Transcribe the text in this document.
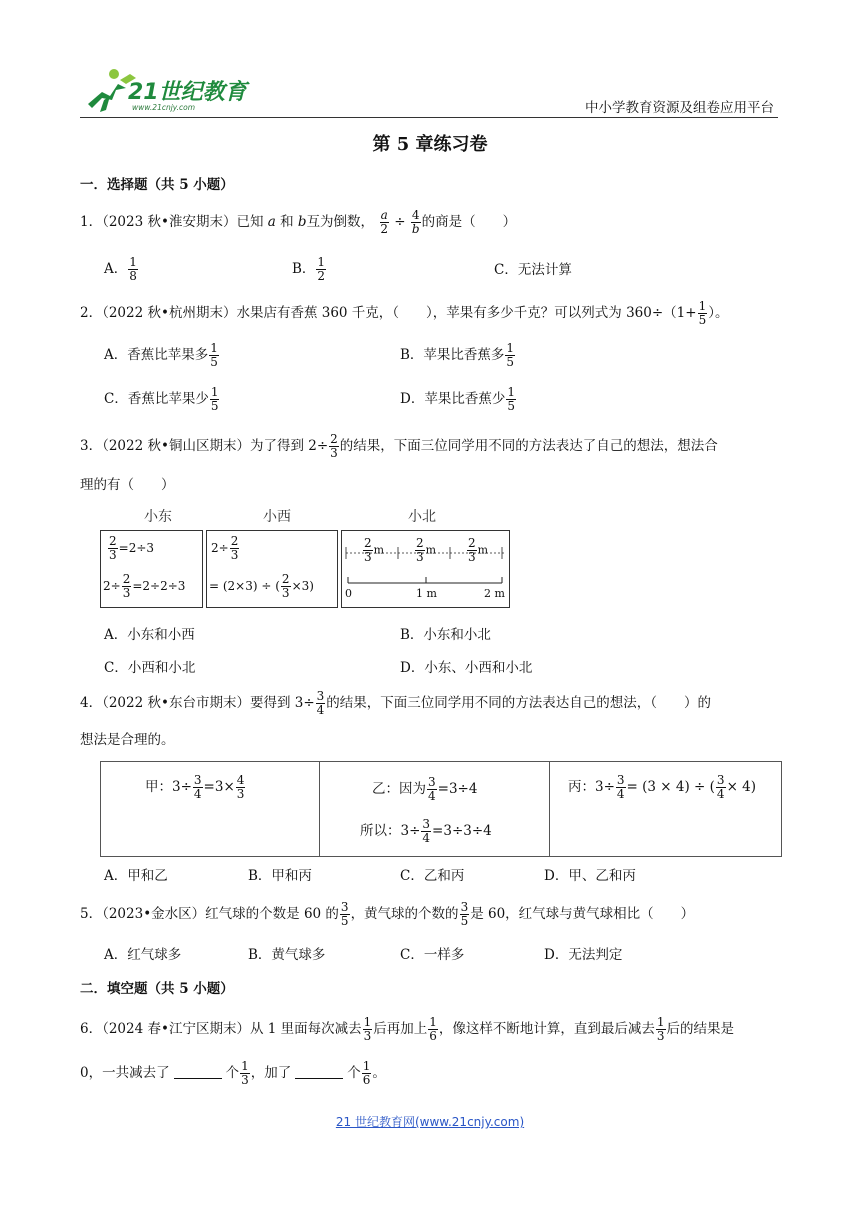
21世纪教育
www.21cnjy.com	中小学教育资源及组卷应用平台
第 5 章练习卷
一．选择题（共 5 小题）
1．（2023 秋•淮安期末）已知 a 和 b互为倒数， $\frac{a}{2} \div \frac{4}{b}$ 的商是（　　）
A． $\frac{1}{8}$	B． $\frac{1}{2}$	C．无法计算
2．（2022 秋•杭州期末）水果店有香蕉 360 千克，（　　），苹果有多少千克？可以列式为 $360\div(1+ \frac{1}{5}$ ）。
A．香蕉比苹果多 $\frac{1}{5}$	B．苹果比香蕉多 $\frac{1}{5}$
C．香蕉比苹果少 $\frac{1}{5}$	D．苹果比香蕉少 $\frac{1}{5}$
3．（2022 秋•铜山区期末）为了得到 $2\div \frac{2}{3}$ 的结果，下面三位同学用不同的方法表达了自己的想法，想法合
理的有（　　）
小东	小西	小北
$\frac{2}{3} =2\div 3$
$2\div \frac{2}{3} =2\div 2\div 3$
$2\div \frac{2}{3}$
= (2×3) ÷ ( $\frac{2}{3} \times 3$)
$\frac{2}{3}$ m	$\frac{2}{3}$ m	$\frac{2}{3}$ m
0	1 m	2 m
A．小东和小西	B．小东和小北
C．小西和小北	D．小东、小西和小北
4．（2022 秋•东台市期末）要得到 $3\div \frac{3}{4}$ 的结果，下面三位同学用不同的方法表达自己的想法，（　　）的
想法是合理的。
甲：$3\div \frac{3}{4} =3\times \frac{4}{3}$	乙：因为 $\frac{3}{4} =3\div 4$
所以：$3\div \frac{3}{4} =3\div 3\div 4$
丙：$3\div \frac{3}{4} = (3 \times 4)$ ÷ ( $\frac{3}{4} \times 4$)
A．甲和乙	B．甲和丙	C．乙和丙	D．甲、乙和丙
5．（2023•金水区）红气球的个数是 60 的 $\frac{3}{5}$ ，黄气球的个数的 $\frac{3}{5}$ 是 60，红气球与黄气球相比（　　）
A．红气球多	B．黄气球多	C．一样多	D．无法判定
二．填空题（共 5 小题）
6．（2024 春•江宁区期末）从 1 里面每次减去 $\frac{1}{3}$ 后再加上 $\frac{1}{6}$ ，像这样不断地计算，直到最后减去 $\frac{1}{3}$ 后的结果是
0，一共减去了	个 $\frac{1}{3}$ ，加了	个 $\frac{1}{6}$ 。
21 世纪教育网(www.21cnjy.com)
